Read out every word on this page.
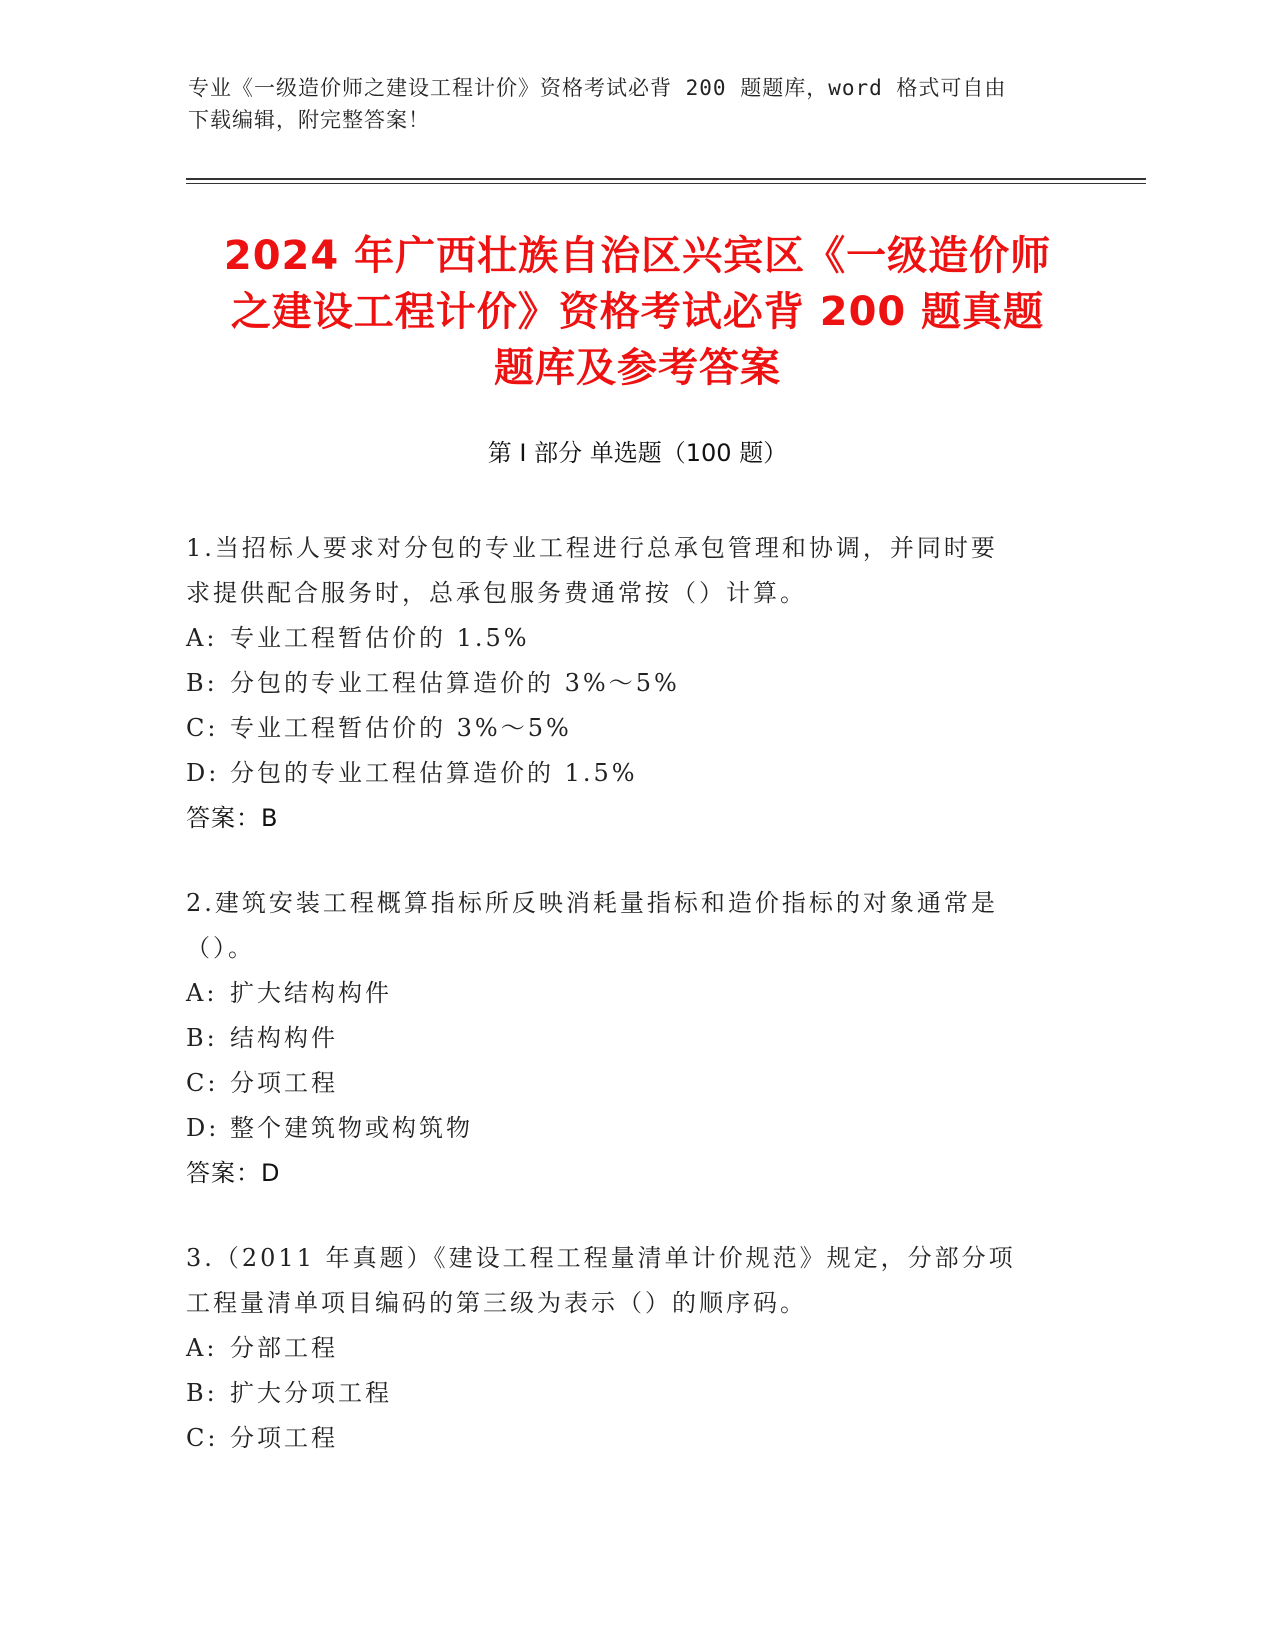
专业《一级造价师之建设工程计价》资格考试必背 200 题题库，word 格式可自由
下载编辑，附完整答案！
2024 年广西壮族自治区兴宾区《一级造价师
之建设工程计价》资格考试必背 200 题真题
题库及参考答案
第 I 部分 单选题（100 题）
1.当招标人要求对分包的专业工程进行总承包管理和协调，并同时要
求提供配合服务时，总承包服务费通常按（）计算。
A: 专业工程暂估价的 1.5%
B: 分包的专业工程估算造价的 3%～5%
C: 专业工程暂估价的 3%～5%
D: 分包的专业工程估算造价的 1.5%
答案：B
2.建筑安装工程概算指标所反映消耗量指标和造价指标的对象通常是
（）。
A: 扩大结构构件
B: 结构构件
C: 分项工程
D: 整个建筑物或构筑物
答案：D
3.（2011 年真题）《建设工程工程量清单计价规范》规定，分部分项
工程量清单项目编码的第三级为表示（）的顺序码。
A: 分部工程
B: 扩大分项工程
C: 分项工程
